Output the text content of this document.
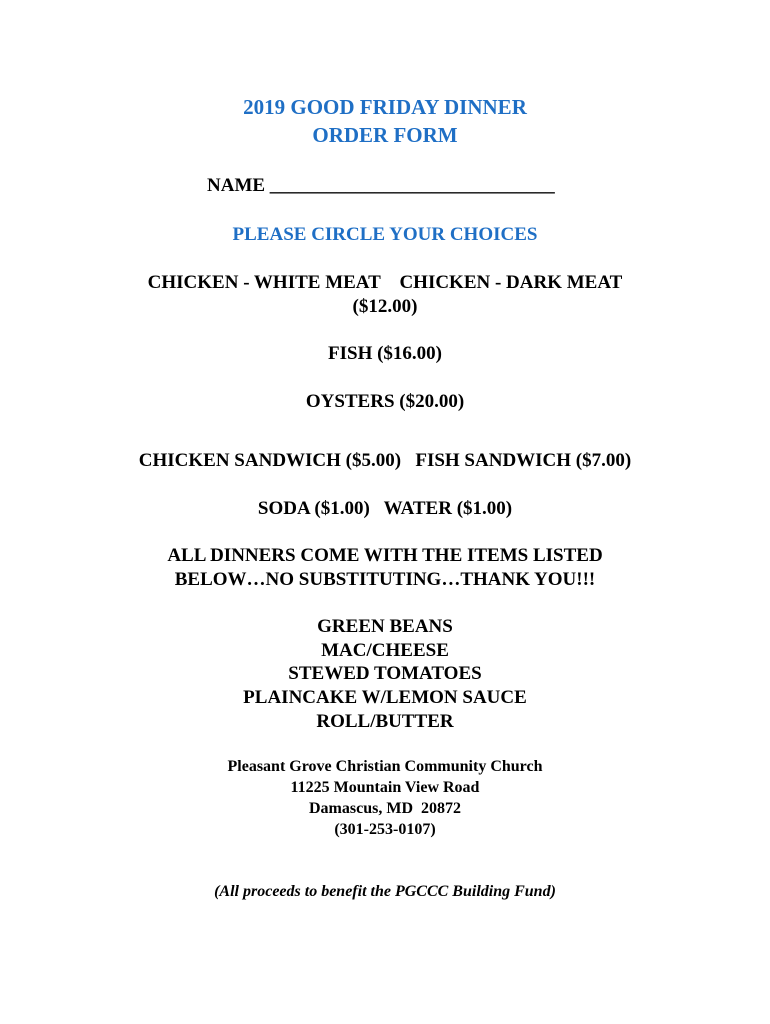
2019 GOOD FRIDAY DINNER
ORDER FORM
NAME ______________________________
PLEASE CIRCLE YOUR CHOICES
CHICKEN - WHITE MEAT    CHICKEN - DARK MEAT
($12.00)
FISH ($16.00)
OYSTERS ($20.00)
CHICKEN SANDWICH ($5.00)   FISH SANDWICH ($7.00)
SODA ($1.00)   WATER ($1.00)
ALL DINNERS COME WITH THE ITEMS LISTED
BELOW…NO SUBSTITUTING…THANK YOU!!!
GREEN BEANS
MAC/CHEESE
STEWED TOMATOES
PLAINCAKE W/LEMON SAUCE
ROLL/BUTTER
Pleasant Grove Christian Community Church
11225 Mountain View Road
Damascus, MD  20872
(301-253-0107)
(All proceeds to benefit the PGCCC Building Fund)
